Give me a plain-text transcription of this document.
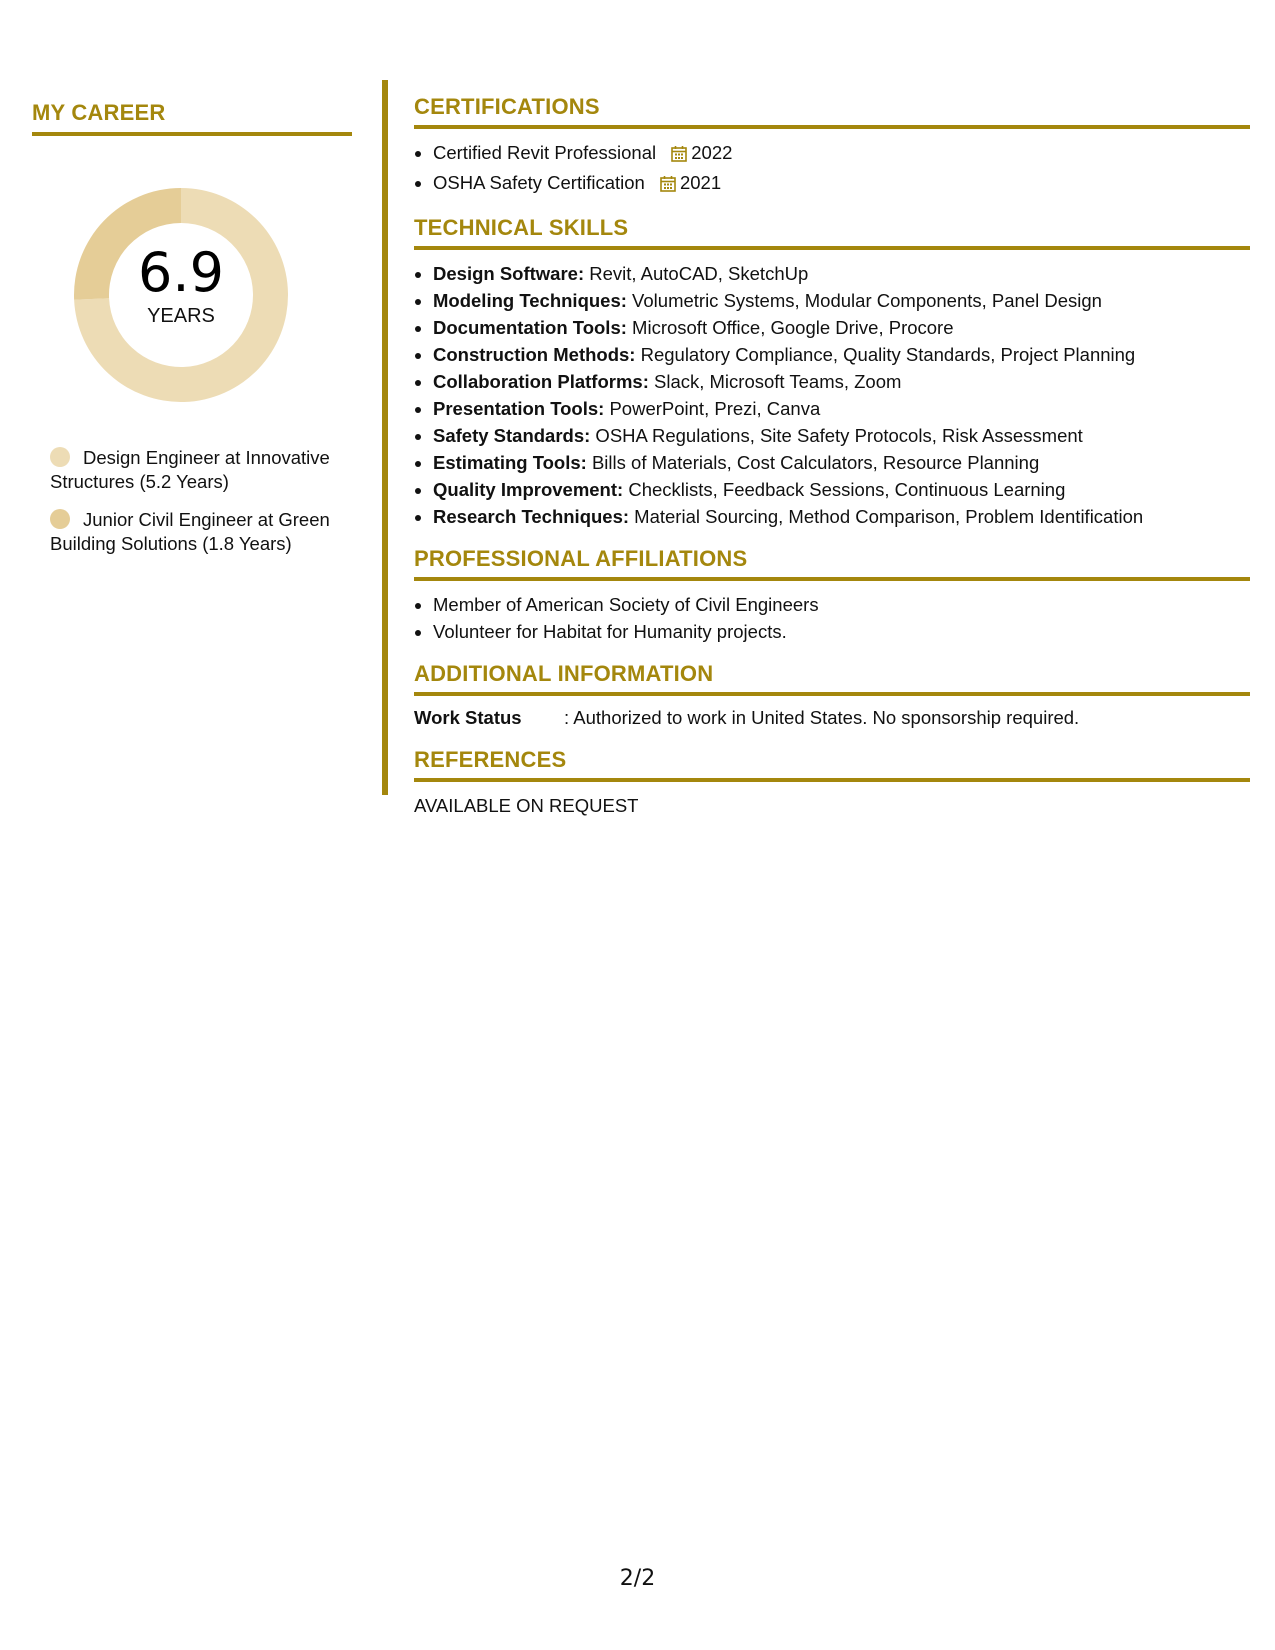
MY CAREER
6.9
YEARS
Design Engineer at Innovative Structures (5.2 Years)
Junior Civil Engineer at Green Building Solutions (1.8 Years)
CERTIFICATIONS
• Certified Revit Professional 2022
• OSHA Safety Certification 2021
TECHNICAL SKILLS
• Design Software: Revit, AutoCAD, SketchUp
• Modeling Techniques: Volumetric Systems, Modular Components, Panel Design
• Documentation Tools: Microsoft Office, Google Drive, Procore
• Construction Methods: Regulatory Compliance, Quality Standards, Project Planning
• Collaboration Platforms: Slack, Microsoft Teams, Zoom
• Presentation Tools: PowerPoint, Prezi, Canva
• Safety Standards: OSHA Regulations, Site Safety Protocols, Risk Assessment
• Estimating Tools: Bills of Materials, Cost Calculators, Resource Planning
• Quality Improvement: Checklists, Feedback Sessions, Continuous Learning
• Research Techniques: Material Sourcing, Method Comparison, Problem Identification
PROFESSIONAL AFFILIATIONS
• Member of American Society of Civil Engineers
• Volunteer for Habitat for Humanity projects.
ADDITIONAL INFORMATION
Work Status : Authorized to work in United States. No sponsorship required.
REFERENCES
AVAILABLE ON REQUEST
2/2
